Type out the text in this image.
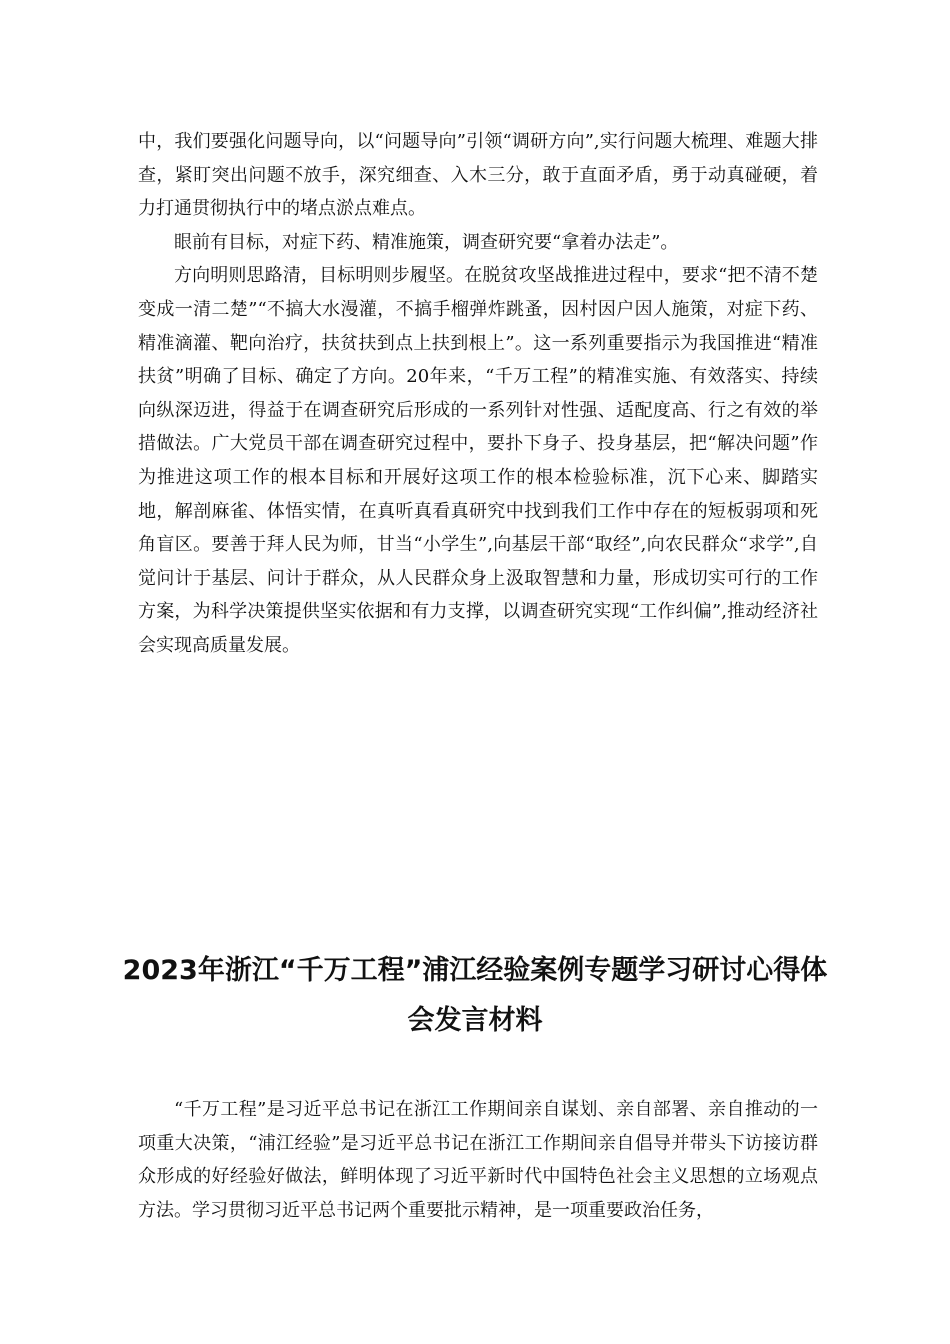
中，我们要强化问题导向，以“问题导向”引领“调研方向”,实行问题大梳理、难题大排查，紧盯突出问题不放手，深究细查、入木三分，敢于直面矛盾，勇于动真碰硬，着力打通贯彻执行中的堵点淤点难点。

眼前有目标，对症下药、精准施策，调查研究要“拿着办法走”。

方向明则思路清，目标明则步履坚。在脱贫攻坚战推进过程中，要求“把不清不楚变成一清二楚”“不搞大水漫灌，不搞手榴弹炸跳蚤，因村因户因人施策，对症下药、精准滴灌、靶向治疗，扶贫扶到点上扶到根上”。这一系列重要指示为我国推进“精准扶贫”明确了目标、确定了方向。20年来，“千万工程”的精准实施、有效落实、持续向纵深迈进，得益于在调查研究后形成的一系列针对性强、适配度高、行之有效的举措做法。广大党员干部在调查研究过程中，要扑下身子、投身基层，把“解决问题”作为推进这项工作的根本目标和开展好这项工作的根本检验标准，沉下心来、脚踏实地，解剖麻雀、体悟实情，在真听真看真研究中找到我们工作中存在的短板弱项和死角盲区。要善于拜人民为师，甘当“小学生”,向基层干部“取经”,向农民群众“求学”,自觉问计于基层、问计于群众，从人民群众身上汲取智慧和力量，形成切实可行的工作方案，为科学决策提供坚实依据和有力支撑，以调查研究实现“工作纠偏”,推动经济社会实现高质量发展。

2023年浙江“千万工程”浦江经验案例专题学习研讨心得体会发言材料

“千万工程”是习近平总书记在浙江工作期间亲自谋划、亲自部署、亲自推动的一项重大决策，“浦江经验”是习近平总书记在浙江工作期间亲自倡导并带头下访接访群众形成的好经验好做法，鲜明体现了习近平新时代中国特色社会主义思想的立场观点方法。学习贯彻习近平总书记两个重要批示精神，是一项重要政治任务，
